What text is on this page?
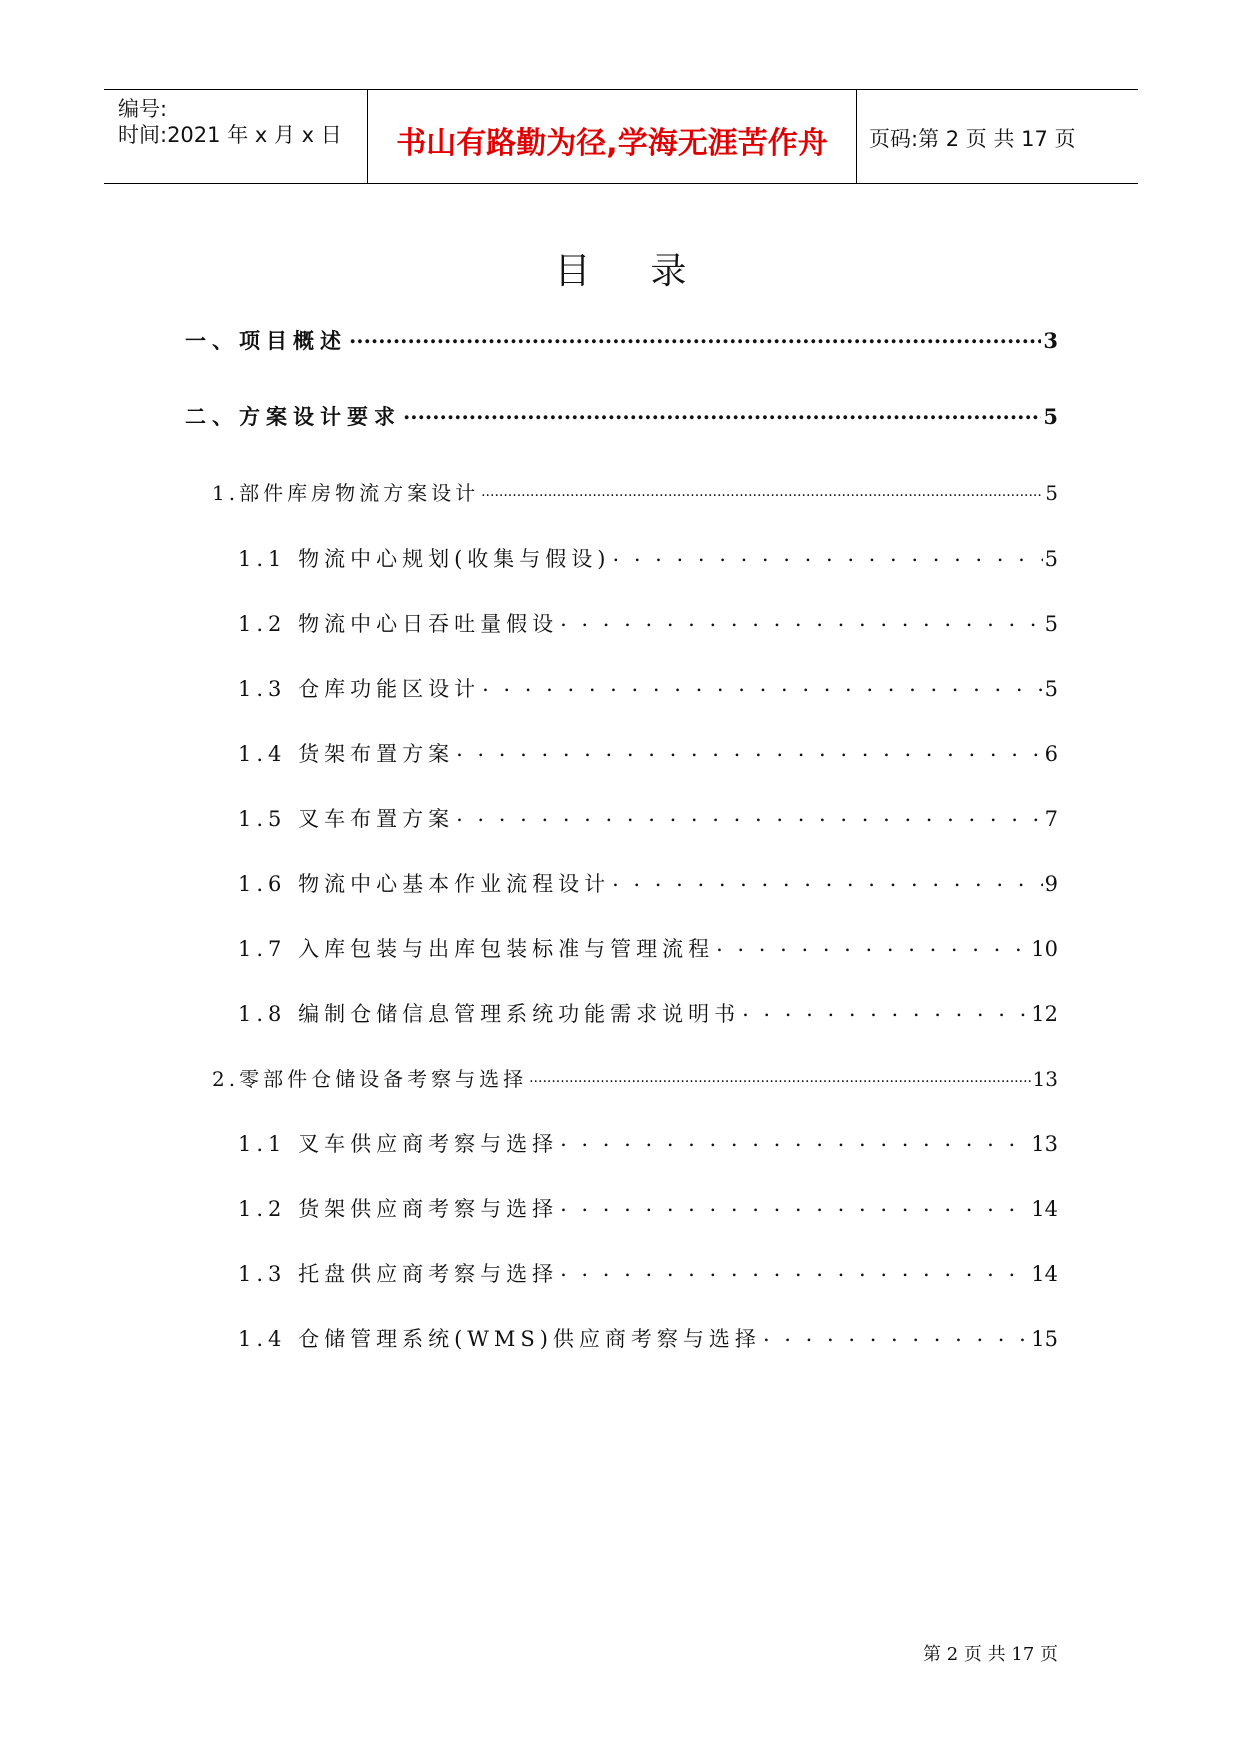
编号:
时间:2021 年 x 月 x 日	书山有路勤为径,学海无涯苦作舟	页码:第 2 页 共 17 页
目录
一、项目概述 .....	3
二、方案设计要求 .....	5
1.部件库房物流方案设计 .....	5
1.1 物流中心规划(收集与假设) . . .	5
1.2 物流中心日吞吐量假设 . . .	5
1.3 仓库功能区设计 . . .	5
1.4 货架布置方案 . . .	6
1.5 叉车布置方案 . . .	7
1.6 物流中心基本作业流程设计 . . .	9
1.7 入库包装与出库包装标准与管理流程 . . .	10
1.8 编制仓储信息管理系统功能需求说明书 . . .	12
2.零部件仓储设备考察与选择 .....	13
1.1 叉车供应商考察与选择 . . .	13
1.2 货架供应商考察与选择 . . .	14
1.3 托盘供应商考察与选择 . . .	14
1.4 仓储管理系统(WMS)供应商考察与选择 . . .	15
第 2 页 共 17 页
